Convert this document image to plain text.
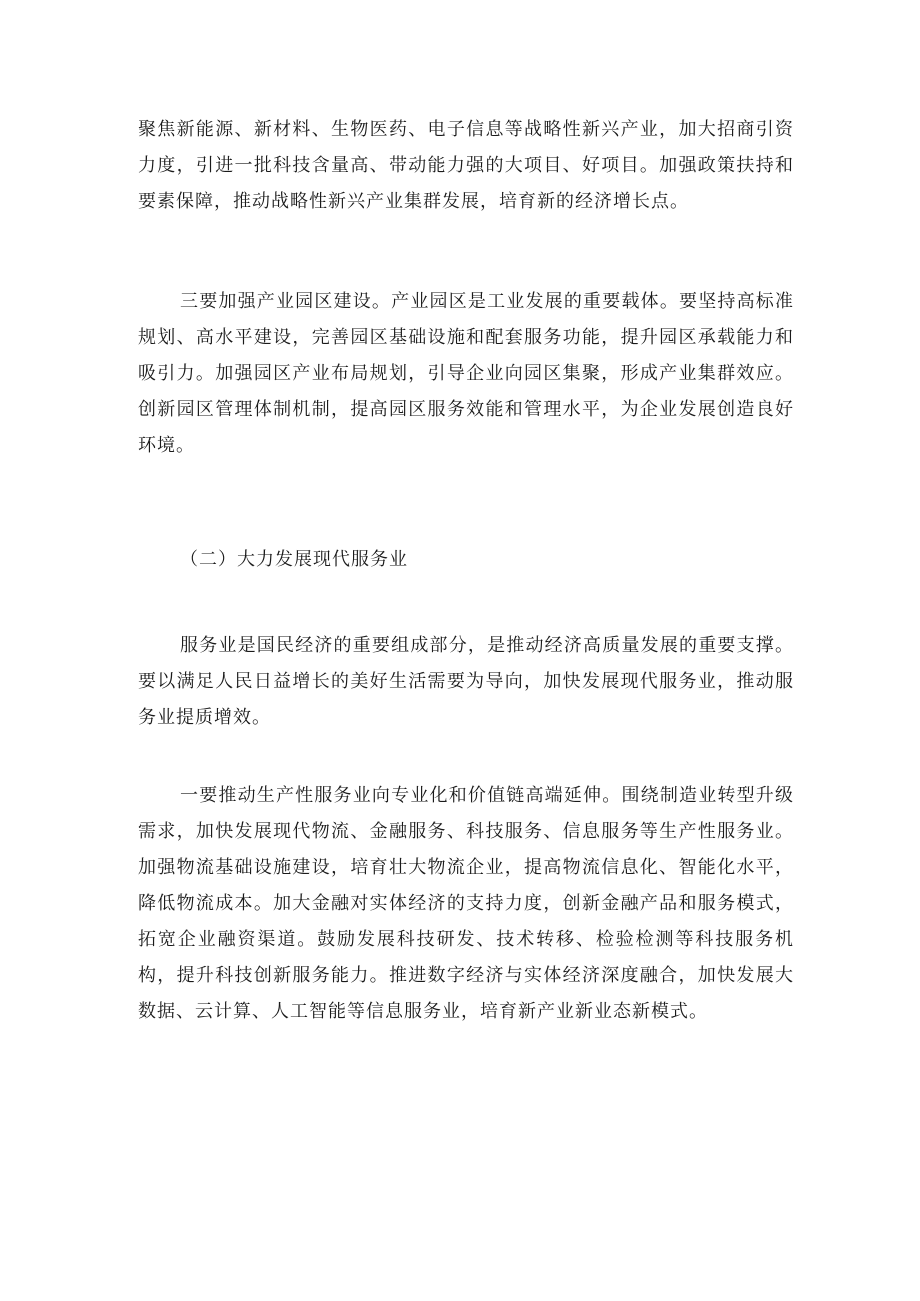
聚焦新能源、新材料、生物医药、电子信息等战略性新兴产业，加大招商引资力度，引进一批科技含量高、带动能力强的大项目、好项目。加强政策扶持和要素保障，推动战略性新兴产业集群发展，培育新的经济增长点。

三要加强产业园区建设。产业园区是工业发展的重要载体。要坚持高标准规划、高水平建设，完善园区基础设施和配套服务功能，提升园区承载能力和吸引力。加强园区产业布局规划，引导企业向园区集聚，形成产业集群效应。创新园区管理体制机制，提高园区服务效能和管理水平，为企业发展创造良好环境。

（二）大力发展现代服务业

服务业是国民经济的重要组成部分，是推动经济高质量发展的重要支撑。要以满足人民日益增长的美好生活需要为导向，加快发展现代服务业，推动服务业提质增效。

一要推动生产性服务业向专业化和价值链高端延伸。围绕制造业转型升级需求，加快发展现代物流、金融服务、科技服务、信息服务等生产性服务业。加强物流基础设施建设，培育壮大物流企业，提高物流信息化、智能化水平，降低物流成本。加大金融对实体经济的支持力度，创新金融产品和服务模式，拓宽企业融资渠道。鼓励发展科技研发、技术转移、检验检测等科技服务机构，提升科技创新服务能力。推进数字经济与实体经济深度融合，加快发展大数据、云计算、人工智能等信息服务业，培育新产业新业态新模式。
